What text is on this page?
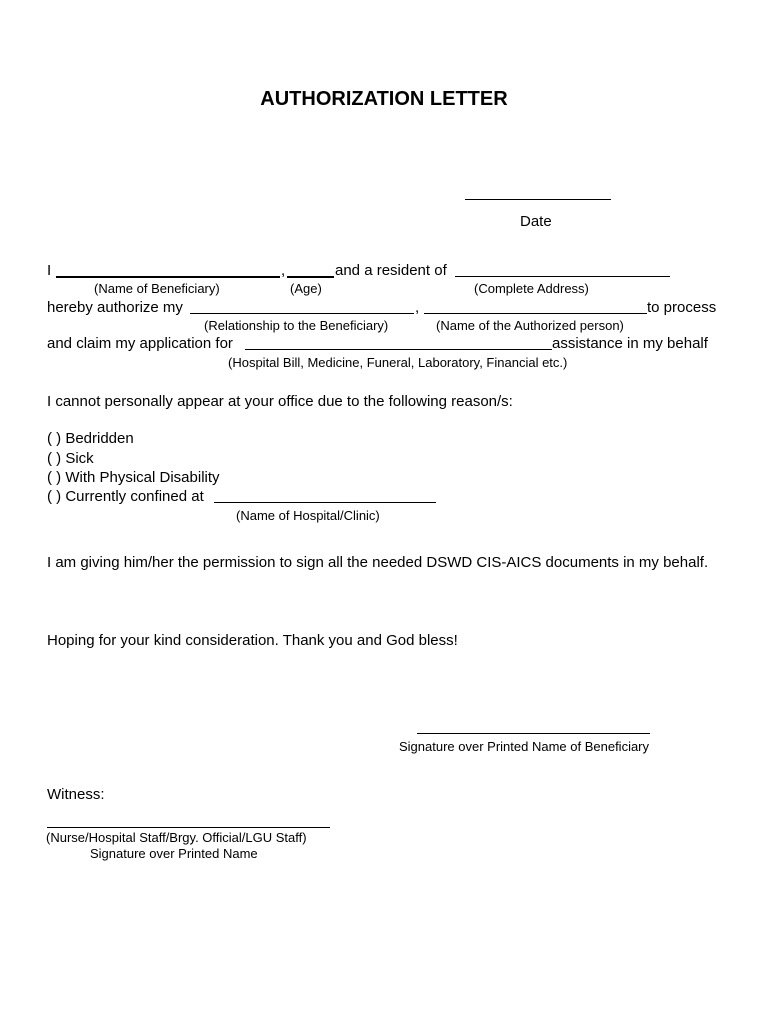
AUTHORIZATION LETTER
Date
I	,	and a resident of
(Name of Beneficiary)	(Age)	(Complete Address)
hereby authorize my	,	to process
(Relationship to the Beneficiary)	(Name of the Authorized person)
and claim my application for	assistance in my behalf
(Hospital Bill, Medicine, Funeral, Laboratory, Financial etc.)
I cannot personally appear at your office due to the following reason/s:
( ) Bedridden
( ) Sick
( ) With Physical Disability
( ) Currently confined at
(Name of Hospital/Clinic)
I am giving him/her the permission to sign all the needed DSWD CIS-AICS documents in my behalf.
Hoping for your kind consideration. Thank you and God bless!
Signature over Printed Name of Beneficiary
Witness:
(Nurse/Hospital Staff/Brgy. Official/LGU Staff)
Signature over Printed Name
